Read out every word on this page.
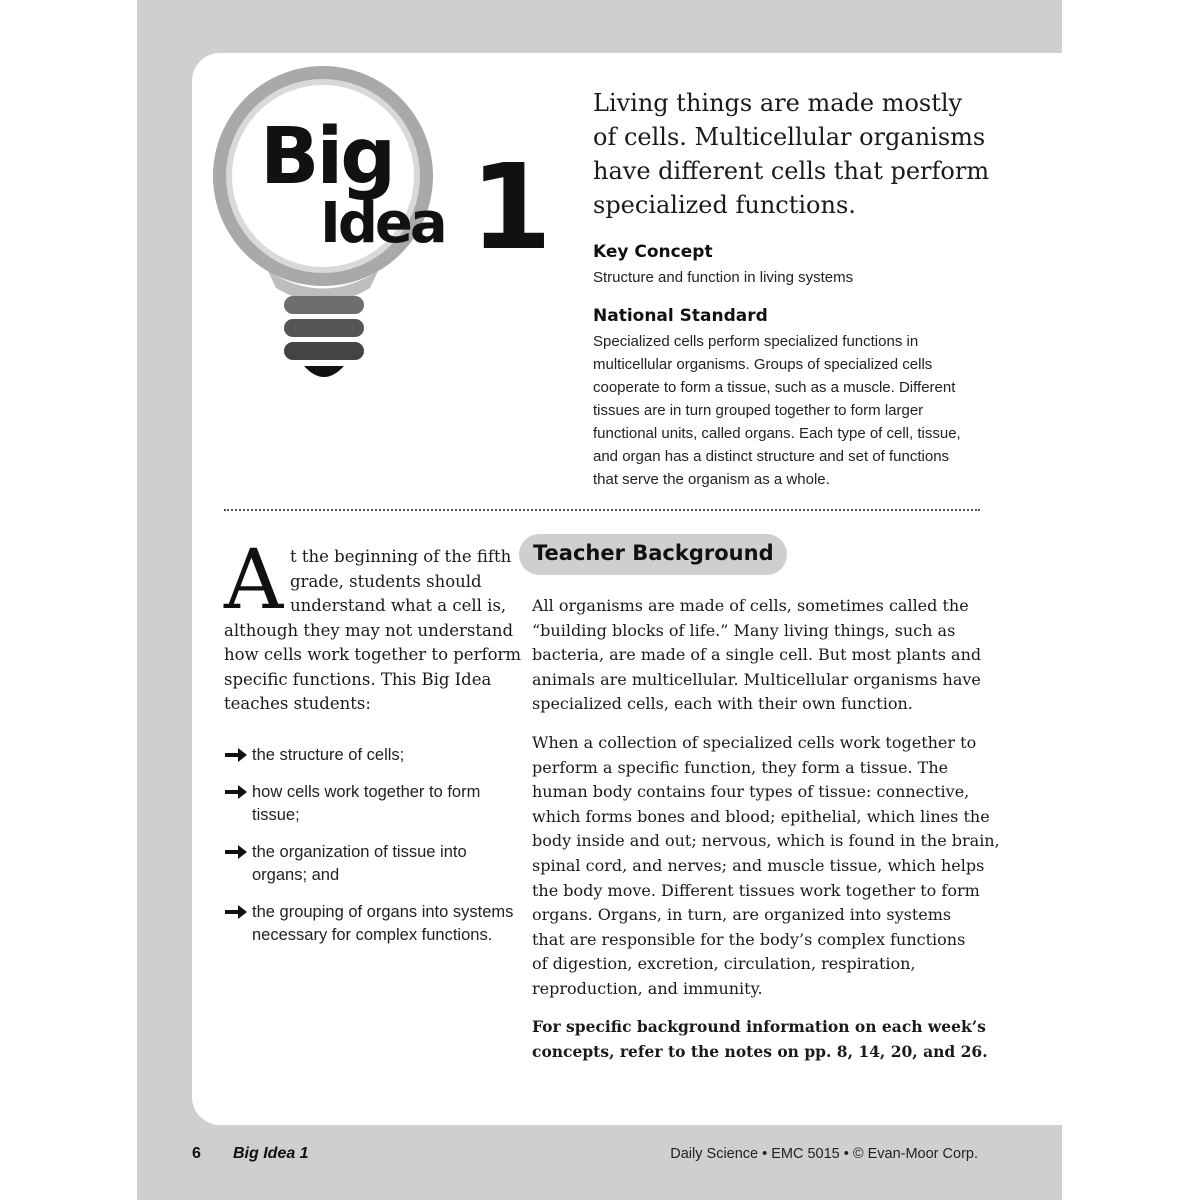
Big
Idea 1
Living things are made mostly
of cells. Multicellular organisms
have different cells that perform
specialized functions.
Key Concept
Structure and function in living systems
National Standard
Specialized cells perform specialized functions in
multicellular organisms. Groups of specialized cells
cooperate to form a tissue, such as a muscle. Different
tissues are in turn grouped together to form larger
functional units, called organs. Each type of cell, tissue,
and organ has a distinct structure and set of functions
that serve the organism as a whole.
A t the beginning of the fifth
grade, students should
understand what a cell is,
although they may not understand
how cells work together to perform
specific functions. This Big Idea
teaches students:
the structure of cells;
how cells work together to form tissue;
the organization of tissue into organs; and
the grouping of organs into systems necessary for complex functions.
Teacher Background
All organisms are made of cells, sometimes called the
“building blocks of life.” Many living things, such as
bacteria, are made of a single cell. But most plants and
animals are multicellular. Multicellular organisms have
specialized cells, each with their own function.
When a collection of specialized cells work together to
perform a specific function, they form a tissue. The
human body contains four types of tissue: connective,
which forms bones and blood; epithelial, which lines the
body inside and out; nervous, which is found in the brain,
spinal cord, and nerves; and muscle tissue, which helps
the body move. Different tissues work together to form
organs. Organs, in turn, are organized into systems
that are responsible for the body’s complex functions
of digestion, excretion, circulation, respiration,
reproduction, and immunity.
For specific background information on each week’s
concepts, refer to the notes on pp. 8, 14, 20, and 26.
6 Big Idea 1	Daily Science • EMC 5015 • © Evan-Moor Corp.
